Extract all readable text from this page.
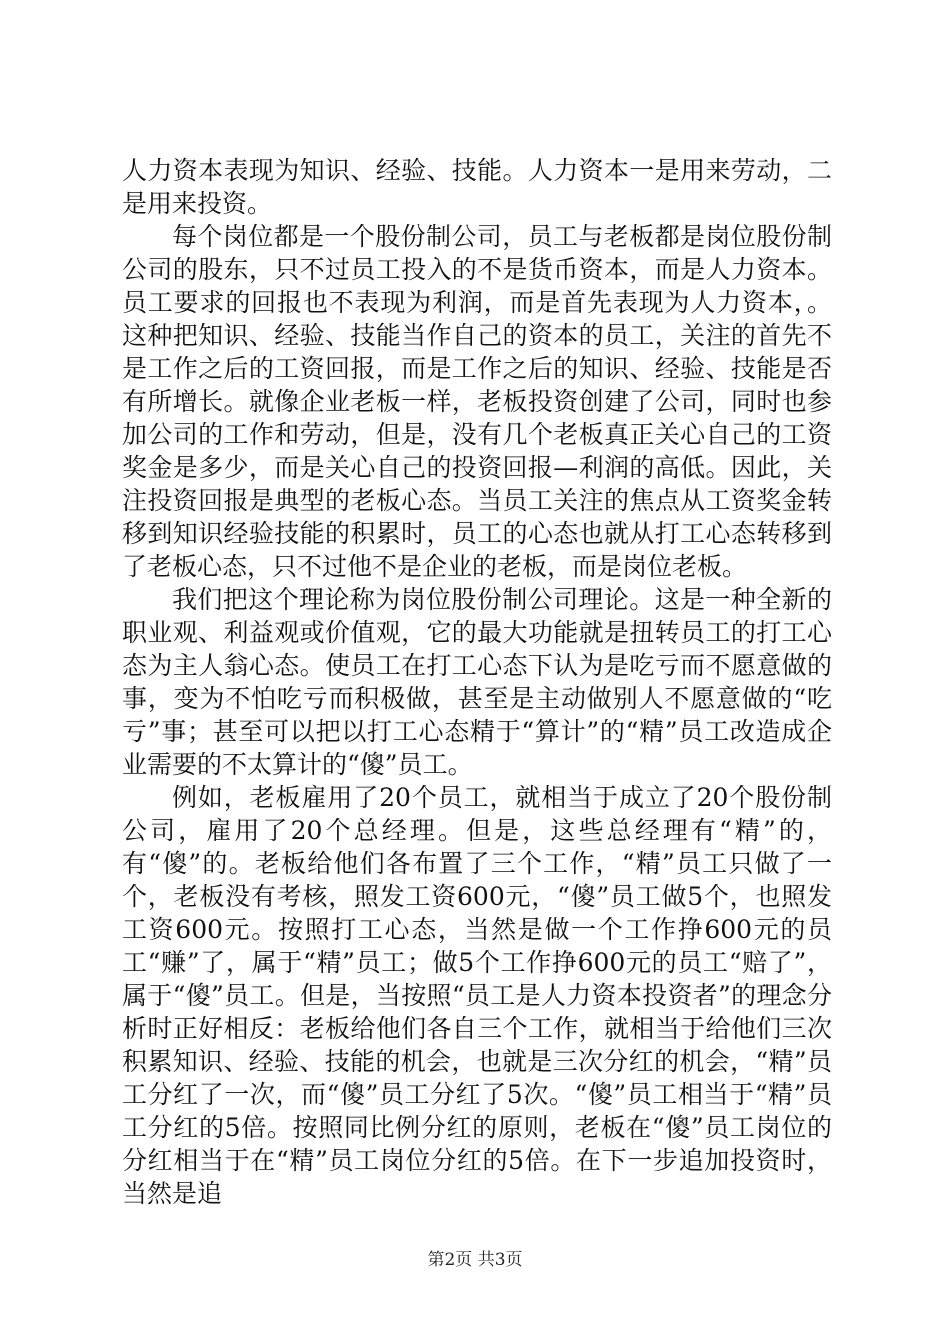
人力资本表现为知识、经验、技能。人力资本一是用来劳动，二是用来投资。

每个岗位都是一个股份制公司，员工与老板都是岗位股份制公司的股东，只不过员工投入的不是货币资本，而是人力资本。员工要求的回报也不表现为利润，而是首先表现为人力资本，。这种把知识、经验、技能当作自己的资本的员工，关注的首先不是工作之后的工资回报，而是工作之后的知识、经验、技能是否有所增长。就像企业老板一样，老板投资创建了公司，同时也参加公司的工作和劳动，但是，没有几个老板真正关心自己的工资奖金是多少，而是关心自己的投资回报—利润的高低。因此，关注投资回报是典型的老板心态。当员工关注的焦点从工资奖金转移到知识经验技能的积累时，员工的心态也就从打工心态转移到了老板心态，只不过他不是企业的老板，而是岗位老板。

我们把这个理论称为岗位股份制公司理论。这是一种全新的职业观、利益观或价值观，它的最大功能就是扭转员工的打工心态为主人翁心态。使员工在打工心态下认为是吃亏而不愿意做的事，变为不怕吃亏而积极做，甚至是主动做别人不愿意做的“吃亏”事；甚至可以把以打工心态精于“算计”的“精”员工改造成企业需要的不太算计的“傻”员工。

例如，老板雇用了20个员工，就相当于成立了20个股份制公司，雇用了20个总经理。但是，这些总经理有“精”的，有“傻”的。老板给他们各布置了三个工作，“精”员工只做了一个，老板没有考核，照发工资600元，“傻”员工做5个，也照发工资600元。按照打工心态，当然是做一个工作挣600元的员工“赚”了，属于“精”员工；做5个工作挣600元的员工“赔了”，属于“傻”员工。但是，当按照“员工是人力资本投资者”的理念分析时正好相反：老板给他们各自三个工作，就相当于给他们三次积累知识、经验、技能的机会，也就是三次分红的机会，“精”员工分红了一次，而“傻”员工分红了5次。“傻”员工相当于“精”员工分红的5倍。按照同比例分红的原则，老板在“傻”员工岗位的分红相当于在“精”员工岗位分红的5倍。在下一步追加投资时，当然是追

第2页 共3页
